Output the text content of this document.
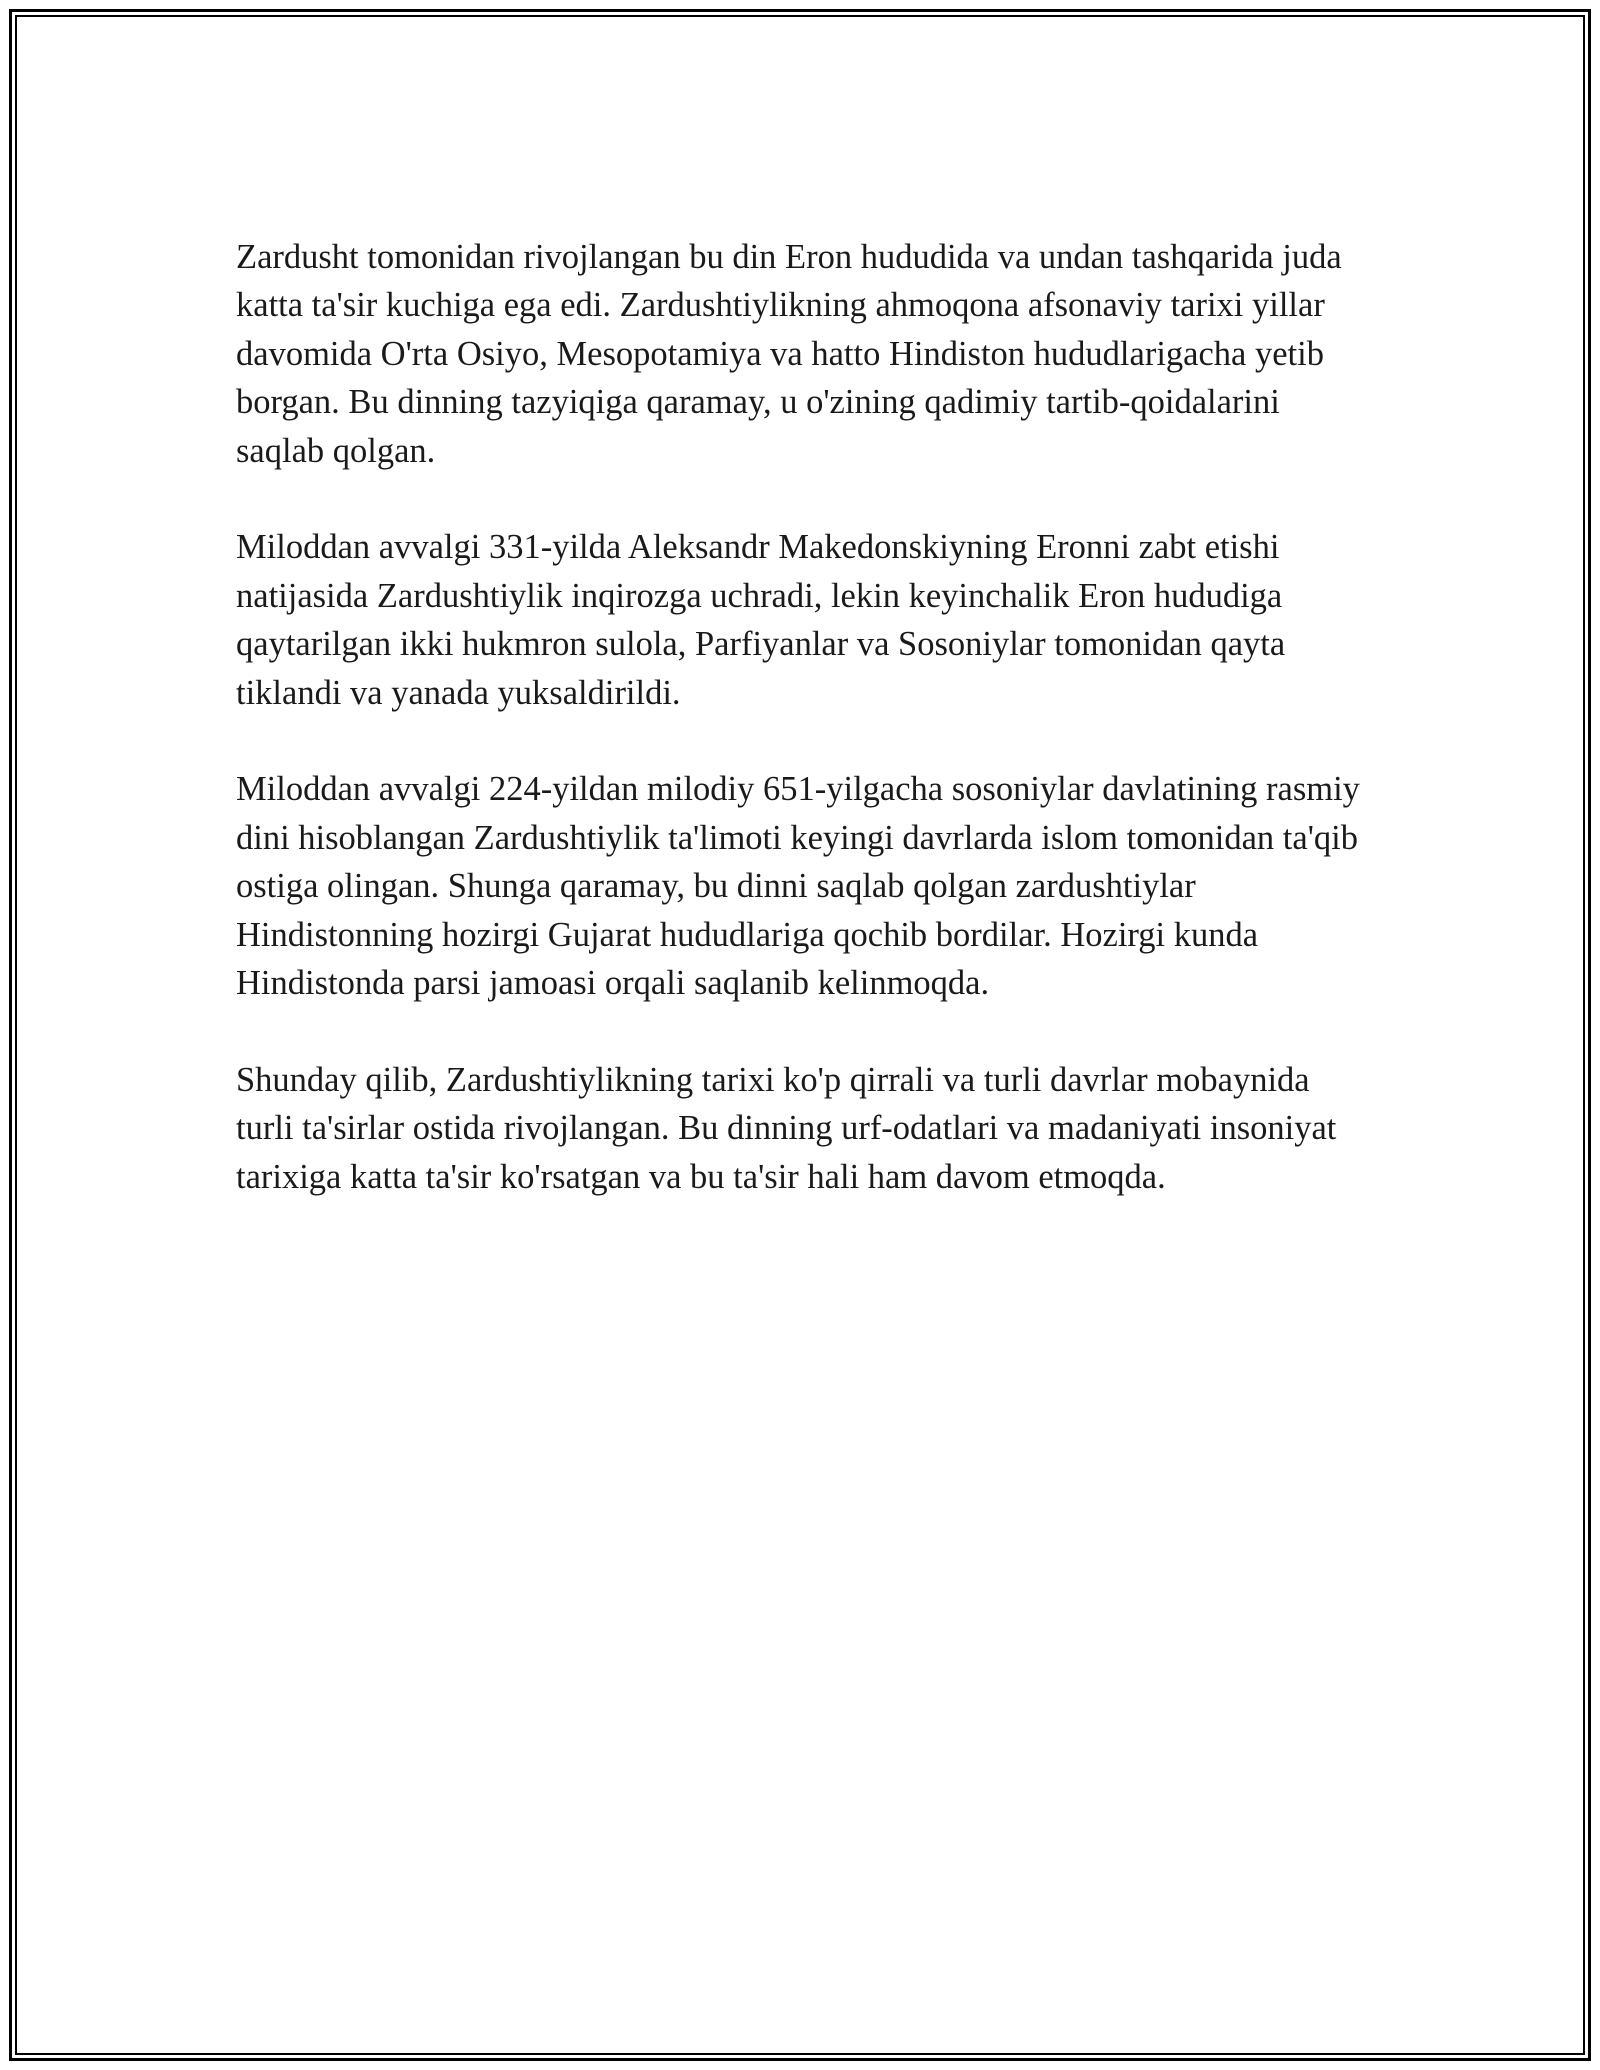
Zardusht tomonidan rivojlangan bu din Eron hududida va undan tashqarida juda katta ta'sir kuchiga ega edi. Zardushtiylikning ahmoqona afsonaviy tarixi yillar davomida O'rta Osiyo, Mesopotamiya va hatto Hindiston hududlarigacha yetib borgan. Bu dinning tazyiqiga qaramay, u o'zining qadimiy tartib-qoidalarini saqlab qolgan.

Miloddan avvalgi 331-yilda Aleksandr Makedonskiyning Eronni zabt etishi natijasida Zardushtiylik inqirozga uchradi, lekin keyinchalik Eron hududiga qaytarilgan ikki hukmron sulola, Parfiyanlar va Sosoniylar tomonidan qayta tiklandi va yanada yuksaldirildi.

Miloddan avvalgi 224-yildan milodiy 651-yilgacha sosoniylar davlatining rasmiy dini hisoblangan Zardushtiylik ta'limoti keyingi davrlarda islom tomonidan ta'qib ostiga olingan. Shunga qaramay, bu dinni saqlab qolgan zardushtiylar Hindistonning hozirgi Gujarat hududlariga qochib bordilar. Hozirgi kunda Hindistonda parsi jamoasi orqali saqlanib kelinmoqda.

Shunday qilib, Zardushtiylikning tarixi ko'p qirrali va turli davrlar mobaynida turli ta'sirlar ostida rivojlangan. Bu dinning urf-odatlari va madaniyati insoniyat tarixiga katta ta'sir ko'rsatgan va bu ta'sir hali ham davom etmoqda.
